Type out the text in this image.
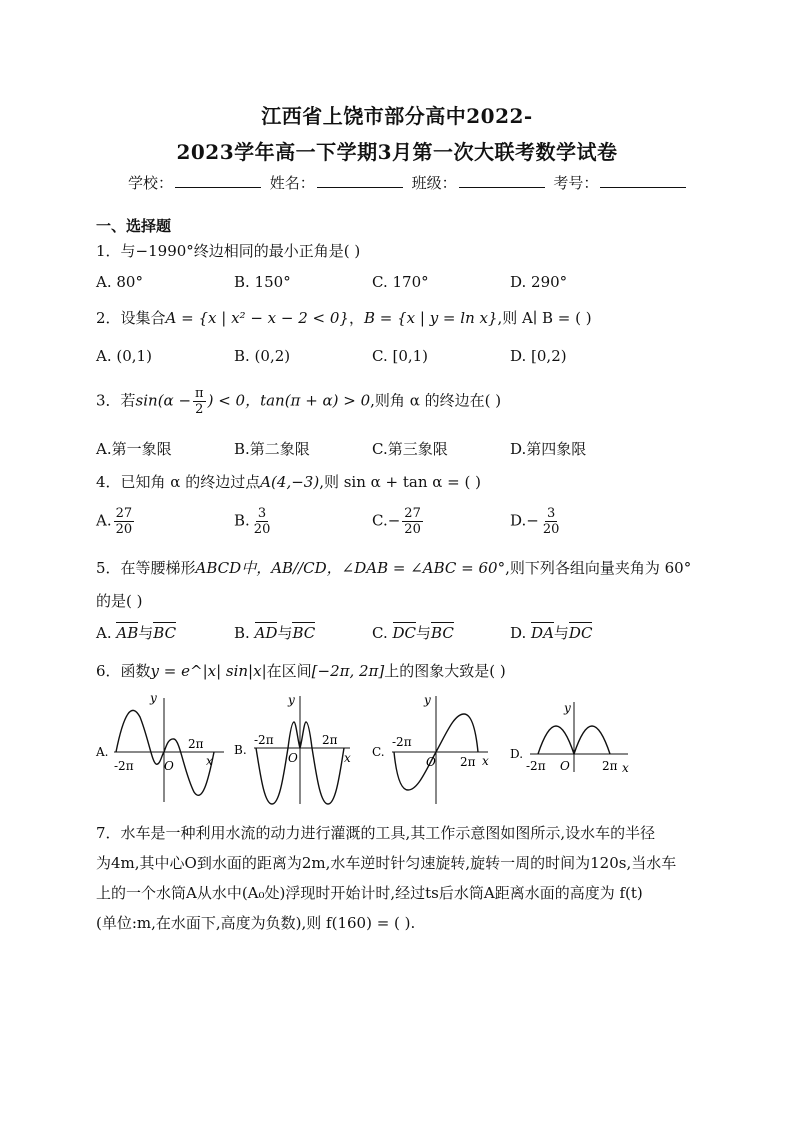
江西省上饶市部分高中2022-
2023学年高一下学期3月第一次大联考数学试卷
学校：	姓名：	班级：	考号：
一、选择题
1．与−1990°终边相同的最小正角是( )
A. 80°	B. 150°	C. 170°	D. 290°
2．设集合A = {x | x² − x − 2 < 0}，B = {x | y = ln x},则 A∣ B = ( )
A. (0,1)	B. (0,2)	C. [0,1)	D. [0,2)
3．若$\sin(\alpha - \frac{\pi}{2}$ ) < 0，tan(π + α) > 0,则角 α 的终边在( )
A.第一象限	B.第二象限	C.第三象限	D.第四象限
4．已知角 α 的终边过点A(4,−3),则 sin α + tan α = ( )
A. $\frac{27}{20}$	B. $\frac{3}{20}$	$C.- \frac{27}{20}$	$D.- \frac{3}{20}$
5．在等腰梯形ABCD中，AB//CD，∠DAB = ∠ABC = 60°,则下列各组向量夹角为 60°
的是( )
A. AB与BC	B. AD与BC	C. DC与BC	D. DA与DC
6．函数y = e^|x| sin|x|在区间[−2π, 2π]上的图象大致是( )
A.
y
x
O
-2π
2π	B.
y
x
O
-2π	2π
C.
y
x
O
-2π
2π
D.
y
x
O
-2π	2π
7．水车是一种利用水流的动力进行灌溉的工具,其工作示意图如图所示,设水车的半径
为4m,其中心O到水面的距离为2m,水车逆时针匀速旋转,旋转一周的时间为120s,当水车
上的一个水筒A从水中(A₀处)浮现时开始计时,经过ts后水筒A距离水面的高度为 f(t)
(单位:m,在水面下,高度为负数),则 f(160) = ( ).
